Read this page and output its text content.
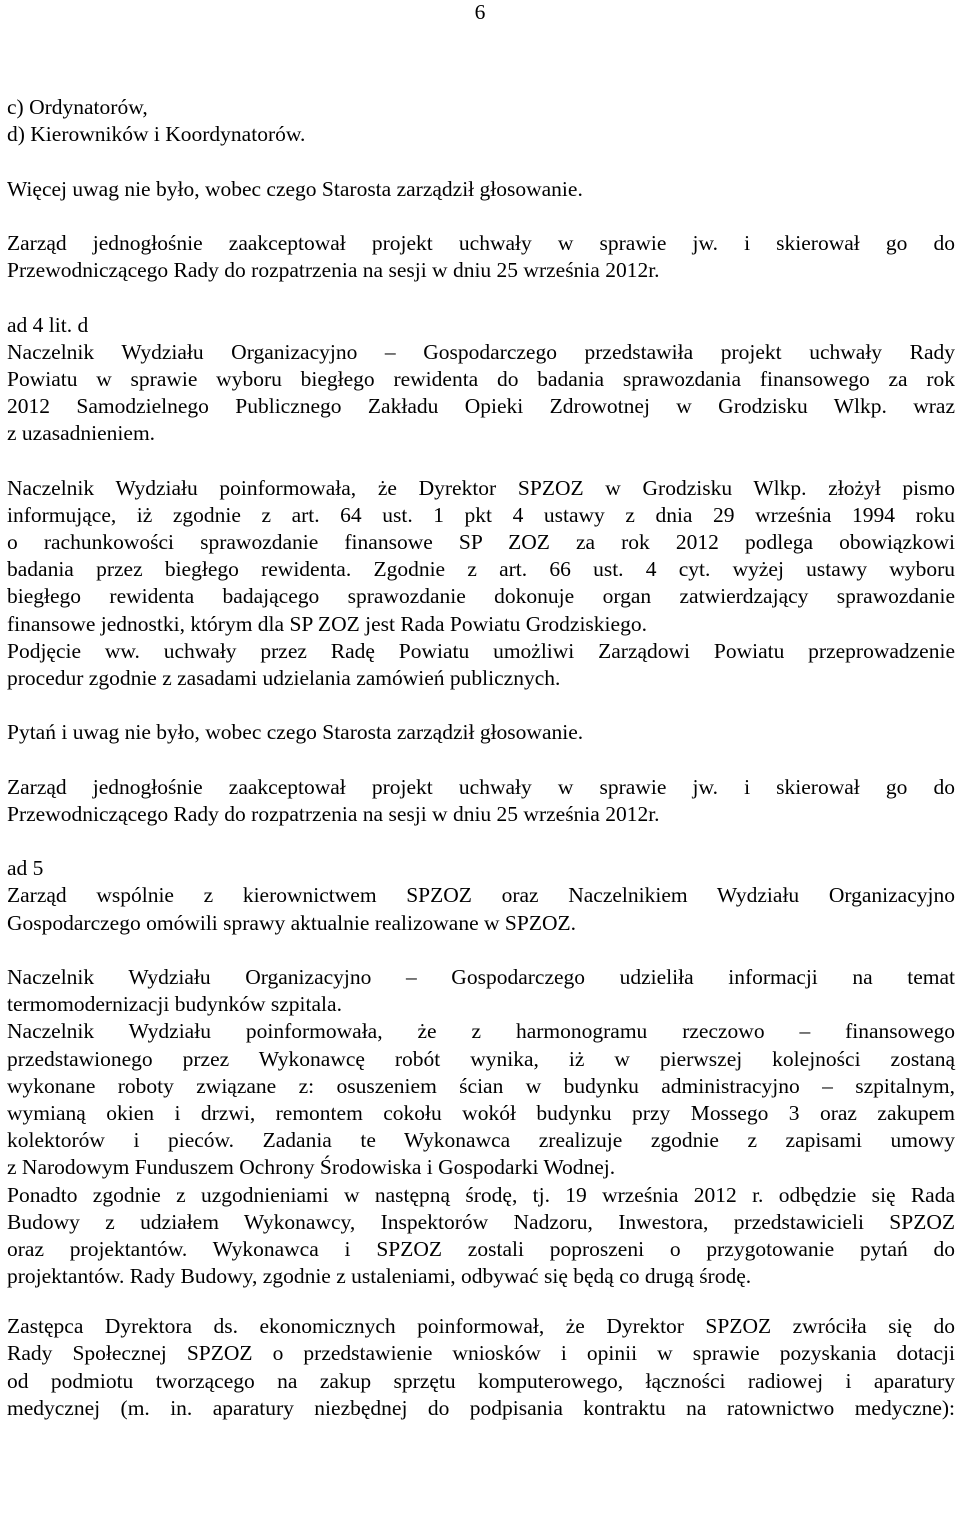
6
c) Ordynatorów,
d) Kierowników i Koordynatorów.
Więcej uwag nie było, wobec czego Starosta zarządził głosowanie.
Zarząd jednogłośnie zaakceptował projekt uchwały w sprawie jw. i skierował go do
Przewodniczącego Rady do rozpatrzenia na sesji w dniu 25 września 2012r.
ad 4 lit. d
Naczelnik Wydziału Organizacyjno – Gospodarczego przedstawiła projekt uchwały Rady
Powiatu w sprawie wyboru biegłego rewidenta do badania sprawozdania finansowego za rok
2012 Samodzielnego Publicznego Zakładu Opieki Zdrowotnej w Grodzisku Wlkp. wraz
z uzasadnieniem.
Naczelnik Wydziału poinformowała, że Dyrektor SPZOZ w Grodzisku Wlkp. złożył pismo
informujące, iż zgodnie z art. 64 ust. 1 pkt 4 ustawy z dnia 29 września 1994 roku
o rachunkowości sprawozdanie finansowe SP ZOZ za rok 2012 podlega obowiązkowi
badania przez biegłego rewidenta. Zgodnie z art. 66 ust. 4 cyt. wyżej ustawy wyboru
biegłego rewidenta badającego sprawozdanie dokonuje organ zatwierdzający sprawozdanie
finansowe jednostki, którym dla SP ZOZ jest Rada Powiatu Grodziskiego.
Podjęcie ww. uchwały przez Radę Powiatu umożliwi Zarządowi Powiatu przeprowadzenie
procedur zgodnie z zasadami udzielania zamówień publicznych.
Pytań i uwag nie było, wobec czego Starosta zarządził głosowanie.
Zarząd jednogłośnie zaakceptował projekt uchwały w sprawie jw. i skierował go do
Przewodniczącego Rady do rozpatrzenia na sesji w dniu 25 września 2012r.
ad 5
Zarząd wspólnie z kierownictwem SPZOZ oraz Naczelnikiem Wydziału Organizacyjno
Gospodarczego omówili sprawy aktualnie realizowane w SPZOZ.
Naczelnik Wydziału Organizacyjno – Gospodarczego udzieliła informacji na temat
termomodernizacji budynków szpitala.
Naczelnik Wydziału poinformowała, że z harmonogramu rzeczowo – finansowego
przedstawionego przez Wykonawcę robót wynika, iż w pierwszej kolejności zostaną
wykonane roboty związane z: osuszeniem ścian w budynku administracyjno – szpitalnym,
wymianą okien i drzwi, remontem cokołu wokół budynku przy Mossego 3 oraz zakupem
kolektorów i pieców. Zadania te Wykonawca zrealizuje zgodnie z zapisami umowy
z Narodowym Funduszem Ochrony Środowiska i Gospodarki Wodnej.
Ponadto zgodnie z uzgodnieniami w następną środę, tj. 19 września 2012 r. odbędzie się Rada
Budowy z udziałem Wykonawcy, Inspektorów Nadzoru, Inwestora, przedstawicieli SPZOZ
oraz projektantów. Wykonawca i SPZOZ zostali poproszeni o przygotowanie pytań do
projektantów. Rady Budowy, zgodnie z ustaleniami, odbywać się będą co drugą środę.
Zastępca Dyrektora ds. ekonomicznych poinformował, że Dyrektor SPZOZ zwróciła się do
Rady Społecznej SPZOZ o przedstawienie wniosków i opinii w sprawie pozyskania dotacji
od podmiotu tworzącego na zakup sprzętu komputerowego, łączności radiowej i aparatury
medycznej (m. in. aparatury niezbędnej do podpisania kontraktu na ratownictwo medyczne):
